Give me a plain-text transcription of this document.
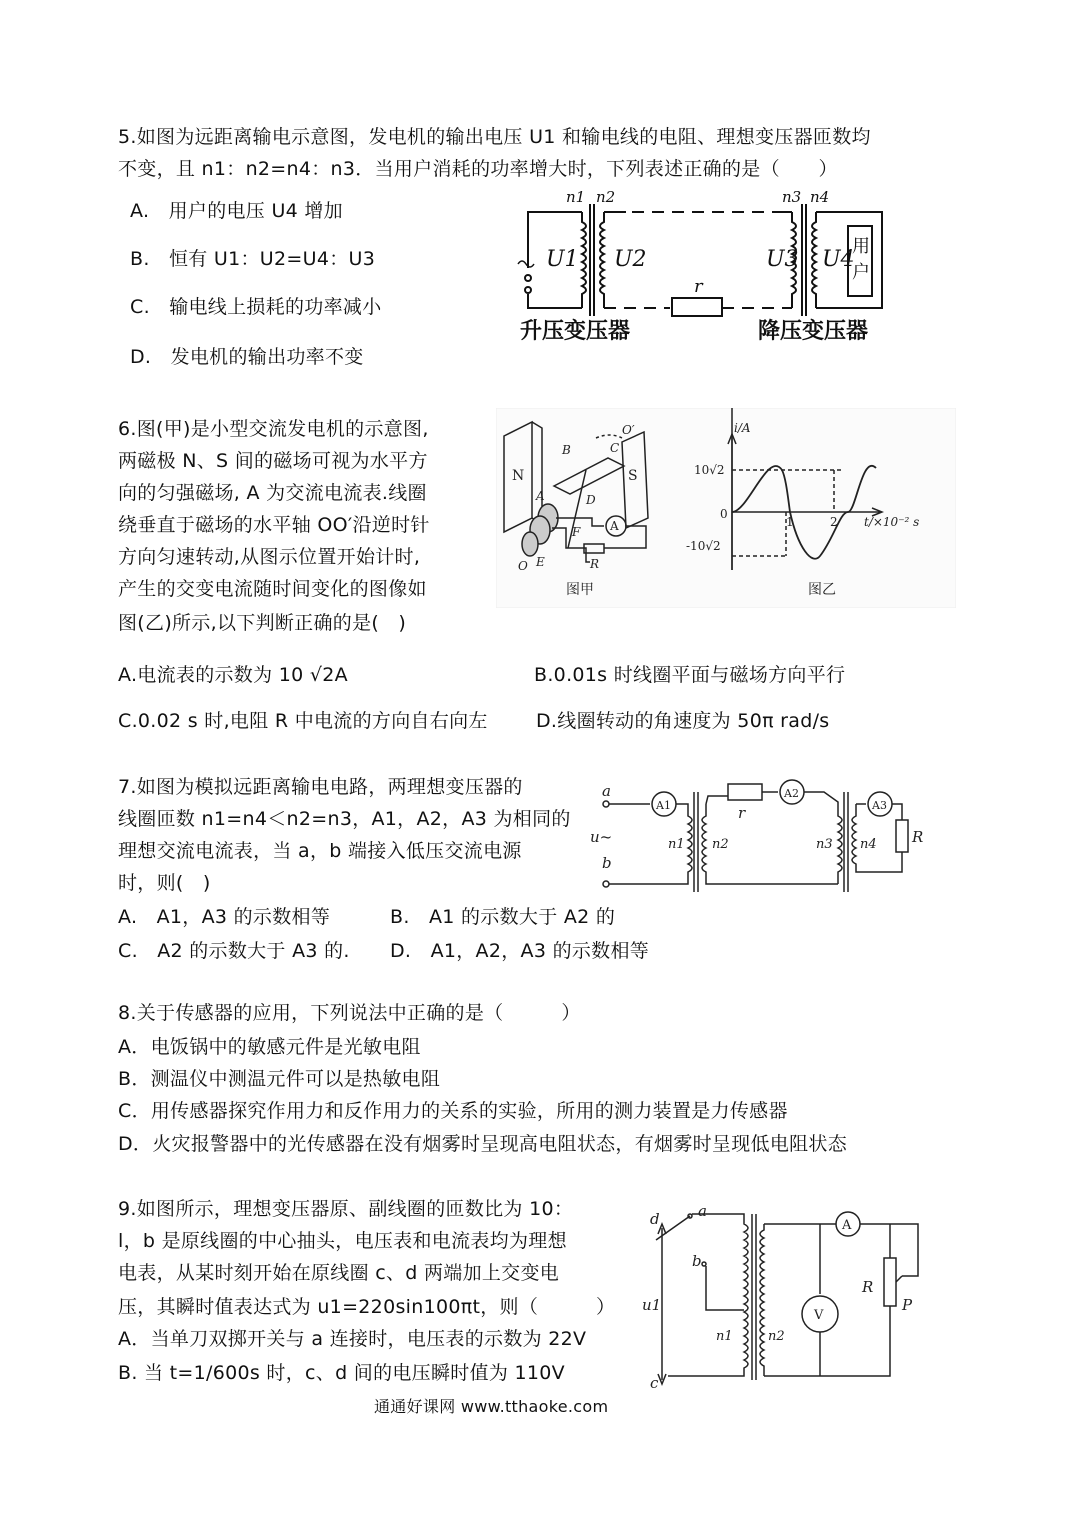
5.如图为远距离输电示意图，发电机的输出电压 U1 和输电线的电阻、理想变压器匝数均
不变，且 n1：n2=n4：n3．当用户消耗的功率增大时，下列表述正确的是（　　）
A.　用户的电压 U4 增加
B.　恒有 U1：U2=U4：U3
C.　输电线上损耗的功率减小
D.　发电机的输出功率不变
n1 n2	n3 n4
U1 U2	U3 U4
r
用
户
升压变压器	降压变压器
6.图(甲)是小型交流发电机的示意图,
两磁极 N、S 间的磁场可视为水平方
向的匀强磁场, A 为交流电流表.线圈
绕垂直于磁场的水平轴 OO′沿逆时针
方向匀速转动,从图示位置开始计时,
产生的交变电流随时间变化的图像如
图(乙)所示,以下判断正确的是(　)
N	S
A
B	C
O′
A	D
F
E	R
O
图甲
i/A
10√2
-10√2
0
1	2 t/×10⁻² s
图乙
A.电流表的示数为 10 √2A	B.0.01s 时线圈平面与磁场方向平行
C.0.02 s 时,电阻 R 中电流的方向自右向左	D.线圈转动的角速度为 50π rad/s
7.如图为模拟远距离输电电路，两理想变压器的
线圈匝数 n1=n4＜n2=n3，A1，A2，A3 为相同的
理想交流电流表，当 a，b 端接入低压交流电源
时，则(　)
a
b
u~
r
R
A1
A2
A3
n1 n2	n3 n4
A.　A1，A3 的示数相等	B.　A1 的示数大于 A2 的
C.　A2 的示数大于 A3 的. D.　A1，A2，A3 的示数相等
8.关于传感器的应用，下列说法中正确的是（　　　）
A．电饭锅中的敏感元件是光敏电阻
B．测温仪中测温元件可以是热敏电阻
C．用传感器探究作用力和反作用力的关系的实验，所用的测力装置是力传感器
D．火灾报警器中的光传感器在没有烟雾时呈现高电阻状态，有烟雾时呈现低电阻状态
9.如图所示，理想变压器原、副线圈的匝数比为 10：
l，b 是原线圈的中心抽头，电压表和电流表均为理想
电表，从某时刻开始在原线圈 c、d 两端加上交变电
压，其瞬时值表达式为 u1=220sin100πt，则（　　　）
A．当单刀双掷开关与 a 连接时，电压表的示数为 22V
B. 当 t=1/600s 时，c、d 间的电压瞬时值为 110V
d
c
a
b
u1
n1	n2
A
V
R
P
通通好课网 www.tthaoke.com
